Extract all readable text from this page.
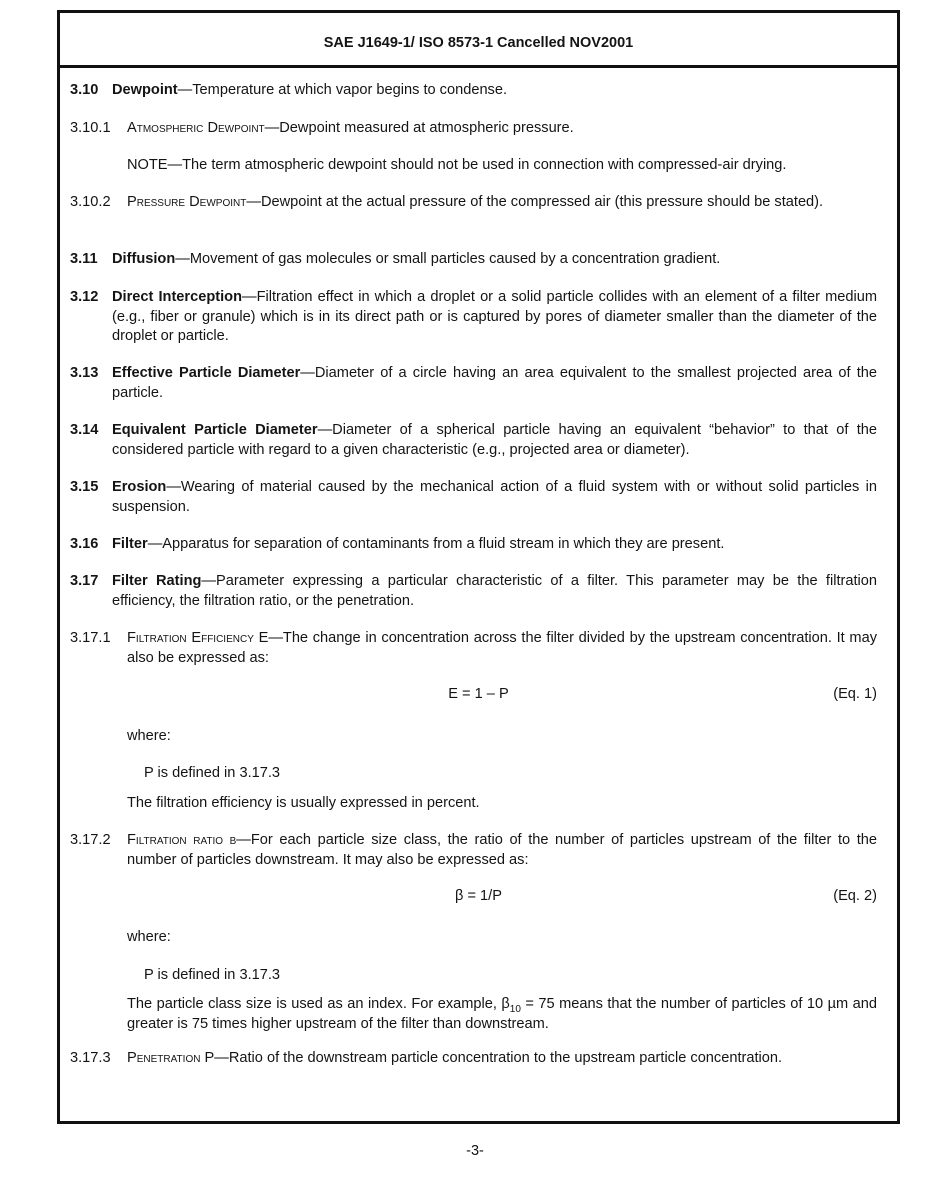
SAE J1649-1/ ISO 8573-1 Cancelled NOV2001
3.10 Dewpoint—Temperature at which vapor begins to condense.
3.10.1 Atmospheric Dewpoint—Dewpoint measured at atmospheric pressure.
NOTE—The term atmospheric dewpoint should not be used in connection with compressed-air drying.
3.10.2 Pressure Dewpoint—Dewpoint at the actual pressure of the compressed air (this pressure should be stated).
3.11 Diffusion—Movement of gas molecules or small particles caused by a concentration gradient.
3.12 Direct Interception—Filtration effect in which a droplet or a solid particle collides with an element of a filter medium (e.g., fiber or granule) which is in its direct path or is captured by pores of diameter smaller than the diameter of the droplet or particle.
3.13 Effective Particle Diameter—Diameter of a circle having an area equivalent to the smallest projected area of the particle.
3.14 Equivalent Particle Diameter—Diameter of a spherical particle having an equivalent “behavior” to that of the considered particle with regard to a given characteristic (e.g., projected area or diameter).
3.15 Erosion—Wearing of material caused by the mechanical action of a fluid system with or without solid particles in suspension.
3.16 Filter—Apparatus for separation of contaminants from a fluid stream in which they are present.
3.17 Filter Rating—Parameter expressing a particular characteristic of a filter. This parameter may be the filtration efficiency, the filtration ratio, or the penetration.
3.17.1 Filtration Efficiency E—The change in concentration across the filter divided by the upstream concentration. It may also be expressed as:
E = 1 – P	(Eq. 1)
where:
P is defined in 3.17.3
The filtration efficiency is usually expressed in percent.
3.17.2 Filtration ratio β—For each particle size class, the ratio of the number of particles upstream of the filter to the number of particles downstream. It may also be expressed as:
β = 1/P	(Eq. 2)
where:
P is defined in 3.17.3
The particle class size is used as an index. For example, $\beta_{10} = 75$ means that the number of particles of 10 µm and greater is 75 times higher upstream of the filter than downstream.
3.17.3 Penetration P—Ratio of the downstream particle concentration to the upstream particle concentration.
-3-
